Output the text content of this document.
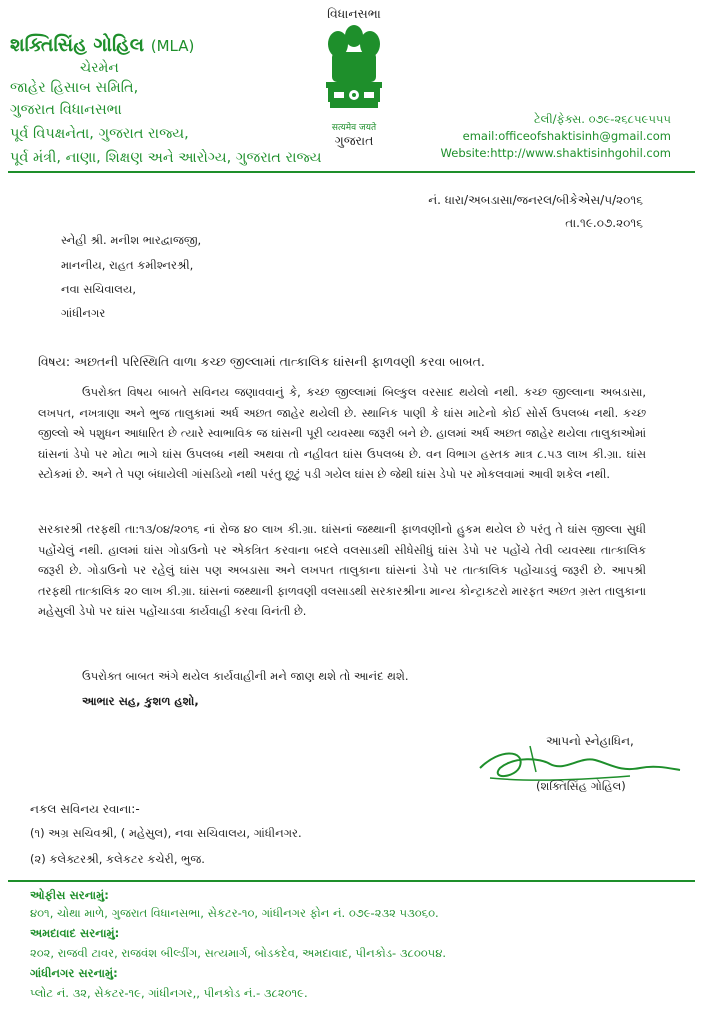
શક્તિસિંહ ગોહિલ (MLA)
ચેરમેન
જાહેર હિસાબ સમિતિ,
ગુજરાત વિધાનસભા
પૂર્વ વિપક્ષનેતા, ગુજરાત રાજ્ય,
પૂર્વ મંત્રી, નાણા, શિક્ષણ અને આરોગ્ય, ગુજરાત રાજ્ય
વિધાનસભા
सत्यमेव जयते
ગુજરાત
ટેલી/ફેક્સ. ૦૭૯-૨૬૮૫૯૫૫૫
email:officeofshaktisinh@gmail.com
Website:http://www.shaktisinhgohil.com
નં. ધારા/અબડાસા/જનરલ/બીકેએસ/૫/૨૦૧૬
તા.૧૯.૦૭.૨૦૧૬
સ્નેહી શ્રી. મનીશ ભારદ્વાજજી,
માનનીય, રાહત કમીશ્નરશ્રી,
નવા સચિવાલય,
ગાંધીનગર
વિષય: અછતની પરિસ્થિતિ વાળા કચ્છ જીલ્લામાં તાત્કાલિક ઘાંસની ફાળવણી કરવા બાબત.
ઉપરોક્ત વિષય બાબતે સવિનય જણાવવાનું કે, કચ્છ જીલ્લામાં બિલ્કુલ વરસાદ થયેલો નથી. કચ્છ જીલ્લાના અબડાસા, લખપત, નખત્રાણા અને ભુજ તાલુકામાં અર્ધ અછત જાહેર થયેલી છે. સ્થાનિક પાણી કે ઘાંસ માટેનો કોઈ સોર્સ ઉપલબ્ધ નથી. કચ્છ જીલ્લો એ પશુધન આધારિત છે ત્યારે સ્વાભાવિક જ ઘાંસની પૂરી વ્યવસ્થા જરૂરી બને છે. હાલમાં અર્ધ અછત જાહેર થયેલા તાલુકાઓમાં ઘાંસનાં ડેપો પર મોટા ભાગે ઘાંસ ઉપલબ્ધ નથી અથવા તો નહીવત ઘાંસ ઉપલબ્ધ છે. વન વિભાગ હસ્તક માત્ર ૮.૫૩ લાખ કી.ગ્રા. ઘાંસ સ્ટોકમાં છે. અને તે પણ બંધાયેલી ગાંસડિયો નથી પરંતુ છૂટું પડી ગયેલ ઘાંસ છે જેથી ઘાંસ ડેપો પર મોકલવામાં આવી શકેલ નથી.
સરકારશ્રી તરફથી તા:૧૩/૦૪/૨૦૧૬ નાં રોજ ૪૦ લાખ કી.ગ્રા. ઘાંસનાં જથ્થાની ફાળવણીનો હુકમ થયેલ છે પરંતુ તે ઘાંસ જીલ્લા સુધી પહોંચેલું નથી. હાલમાં ઘાંસ ગોડાઉનો પર એકત્રિત કરવાના બદલે વલસાડથી સીધેસીધું ઘાંસ ડેપો પર પહોંચે તેવી વ્યવસ્થા તાત્કાલિક જરૂરી છે. ગોડાઉનો પર રહેલું ઘાંસ પણ અબડાસા અને લખપત તાલુકાના ઘાંસનાં ડેપો પર તાત્કાલિક પહોંચાડવું જરૂરી છે. આપશ્રી તરફથી તાત્કાલિક ૨૦ લાખ કી.ગ્રા. ઘાંસનાં જથ્થાની ફાળવણી વલસાડથી સરકારશ્રીના માન્ય કોન્ટ્રાક્ટરો મારફત અછત ગ્રસ્ત તાલુકાના મહેસુલી ડેપો પર ઘાંસ પહોંચાડવા કાર્યવાહી કરવા વિનંતી છે.
ઉપરોક્ત બાબત અંગે થયેલ કાર્યવાહીની મને જાણ થશે તો આનંદ થશે.
આભાર સહ, કુશળ હશો,
આપનો સ્નેહાધિન,
(શક્તિસિંહ ગોહિલ)
નકલ સવિનય રવાના:-
(૧) અગ્ર સચિવશ્રી, ( મહેસુલ), નવા સચિવાલય, ગાંધીનગર.
(૨) કલેક્ટરશ્રી, કલેકટર કચેરી, ભુજ.
ઓફીસ સરનામું:
૪૦૧, ચોથા માળે, ગુજરાત વિધાનસભા, સેકટર-૧૦, ગાંધીનગર ફોન નં. ૦૭૯-૨૩૨ ૫૩૦૬૦.
અમદાવાદ સરનામું:
૨૦૨, રાજવી ટાવર, રાજવંશ બીલ્ડીંગ, સત્યમાર્ગ, બોડકદેવ, અમદાવાદ, પીનકોડ- ૩૮૦૦૫૪.
ગાંધીનગર સરનામું:
પ્લોટ નં. ૩૨, સેકટર-૧૯, ગાંધીનગર,, પીનકોડ નં.- ૩૮૨૦૧૯.
